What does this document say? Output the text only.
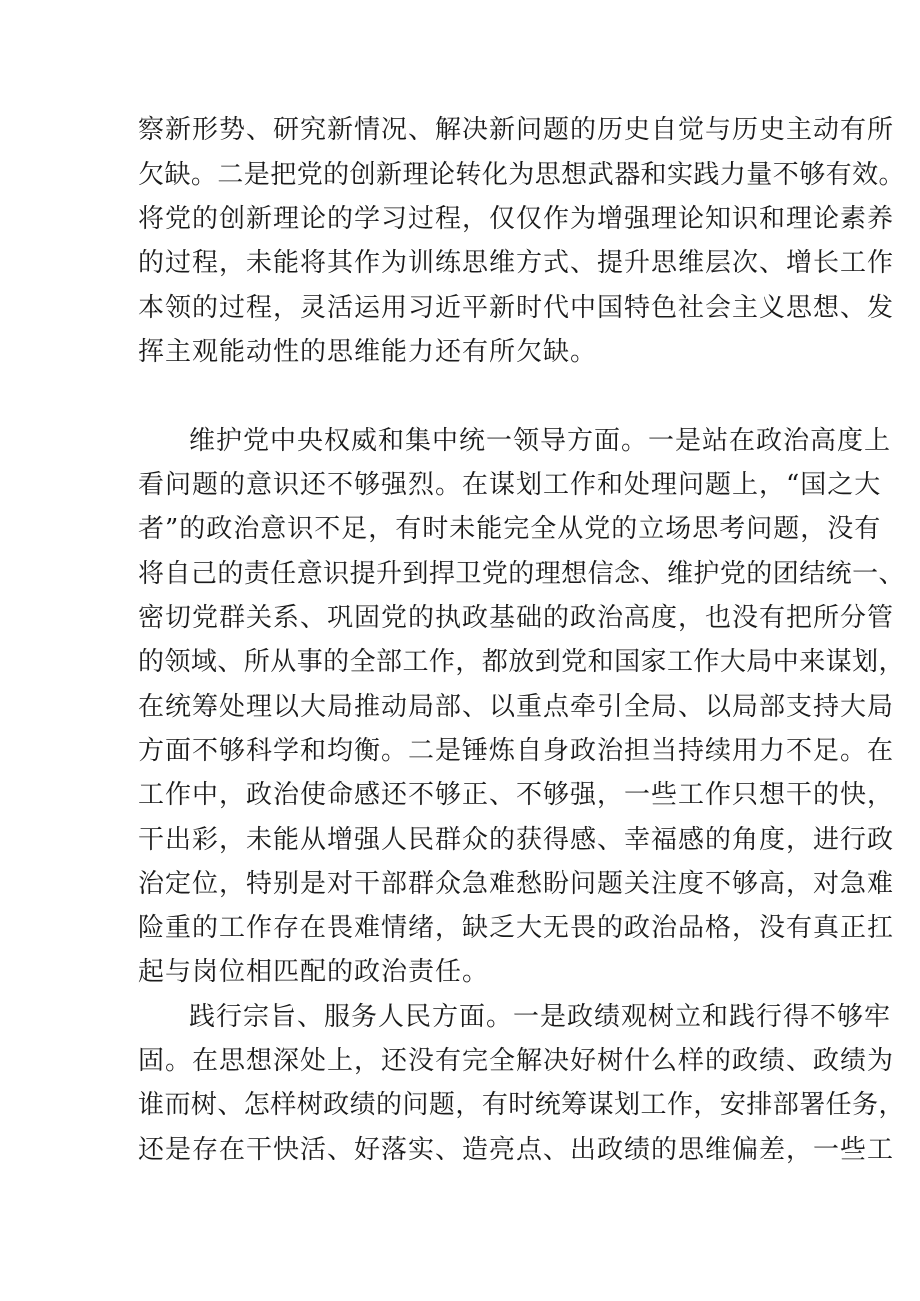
察新形势、研究新情况、解决新问题的历史自觉与历史主动有所
欠缺。二是把党的创新理论转化为思想武器和实践力量不够有效。
将党的创新理论的学习过程，仅仅作为增强理论知识和理论素养
的过程，未能将其作为训练思维方式、提升思维层次、增长工作
本领的过程，灵活运用习近平新时代中国特色社会主义思想、发
挥主观能动性的思维能力还有所欠缺。
维护党中央权威和集中统一领导方面。一是站在政治高度上
看问题的意识还不够强烈。在谋划工作和处理问题上，“国之大
者”的政治意识不足，有时未能完全从党的立场思考问题，没有
将自己的责任意识提升到捍卫党的理想信念、维护党的团结统一、
密切党群关系、巩固党的执政基础的政治高度，也没有把所分管
的领域、所从事的全部工作，都放到党和国家工作大局中来谋划，
在统筹处理以大局推动局部、以重点牵引全局、以局部支持大局
方面不够科学和均衡。二是锤炼自身政治担当持续用力不足。在
工作中，政治使命感还不够正、不够强，一些工作只想干的快，
干出彩，未能从增强人民群众的获得感、幸福感的角度，进行政
治定位，特别是对干部群众急难愁盼问题关注度不够高，对急难
险重的工作存在畏难情绪，缺乏大无畏的政治品格，没有真正扛
起与岗位相匹配的政治责任。
践行宗旨、服务人民方面。一是政绩观树立和践行得不够牢
固。在思想深处上，还没有完全解决好树什么样的政绩、政绩为
谁而树、怎样树政绩的问题，有时统筹谋划工作，安排部署任务，
还是存在干快活、好落实、造亮点、出政绩的思维偏差，一些工
